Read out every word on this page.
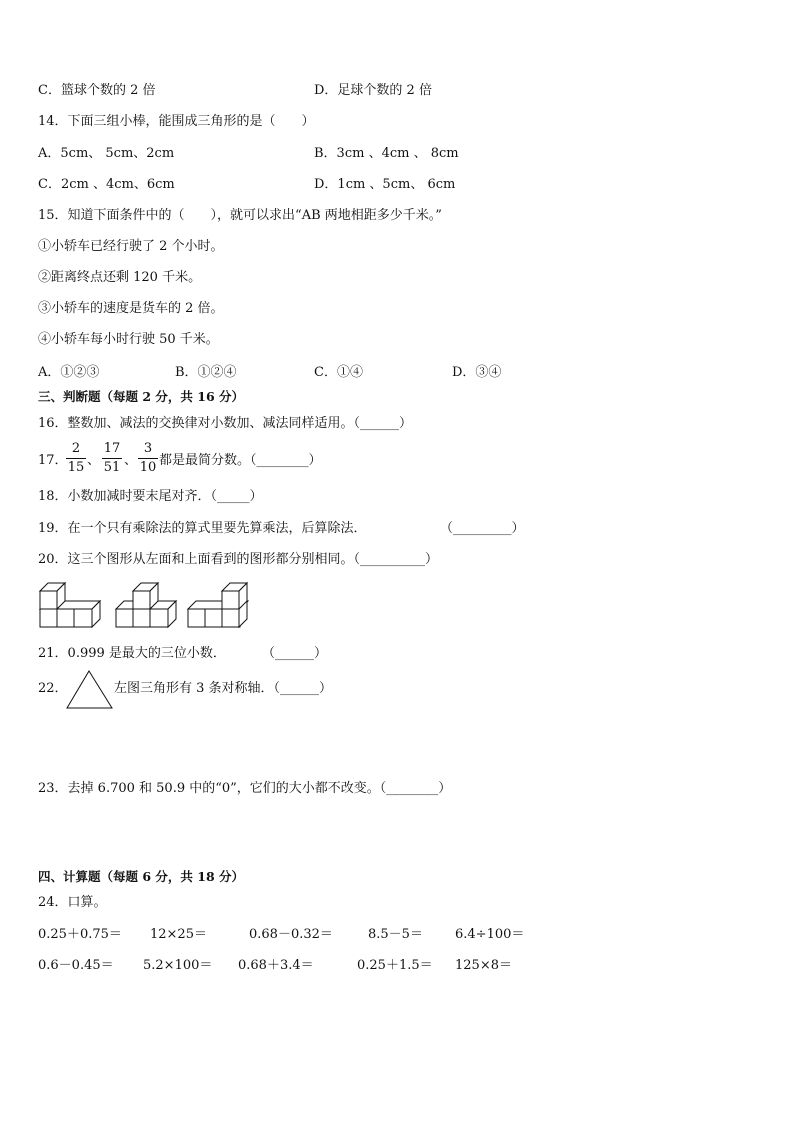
C．篮球个数的 2 倍	D．足球个数的 2 倍
14．下面三组小棒，能围成三角形的是（　　）
A．5cm、 5cm、2cm	B．3cm 、4cm 、 8cm
C．2cm 、4cm、6cm	D．1cm 、5cm、 6cm
15．知道下面条件中的（　　），就可以求出“AB 两地相距多少千米。”
①小轿车已经行驶了 2 个小时。
②距离终点还剩 120 千米。
③小轿车的速度是货车的 2 倍。
④小轿车每小时行驶 50 千米。
A．①②③	B．①②④	C．①④	D．③④
三、判断题（每题 2 分，共 16 分）
16．整数加、减法的交换律对小数加、减法同样适用。（______）
17．
2
15 、
17
51 、
3
10 都是最简分数。（________）
18．小数加减时要末尾对齐．（_____）
19．在一个只有乘除法的算式里要先算乘法，后算除法．	（_________）
20．这三个图形从左面和上面看到的图形都分别相同。（__________）
21．0.999 是最大的三位小数．	（______）
22．	左图三角形有 3 条对称轴．（______）
23．去掉 6.700 和 50.9 中的“0”，它们的大小都不改变。（________）
四、计算题（每题 6 分，共 18 分）
24．口算。
0.25＋0.75＝ 12×25＝	0.68－0.32＝	8.5－5＝ 6.4÷100＝
0.6－0.45＝ 5.2×100＝ 0.68＋3.4＝	0.25＋1.5＝ 125×8＝
